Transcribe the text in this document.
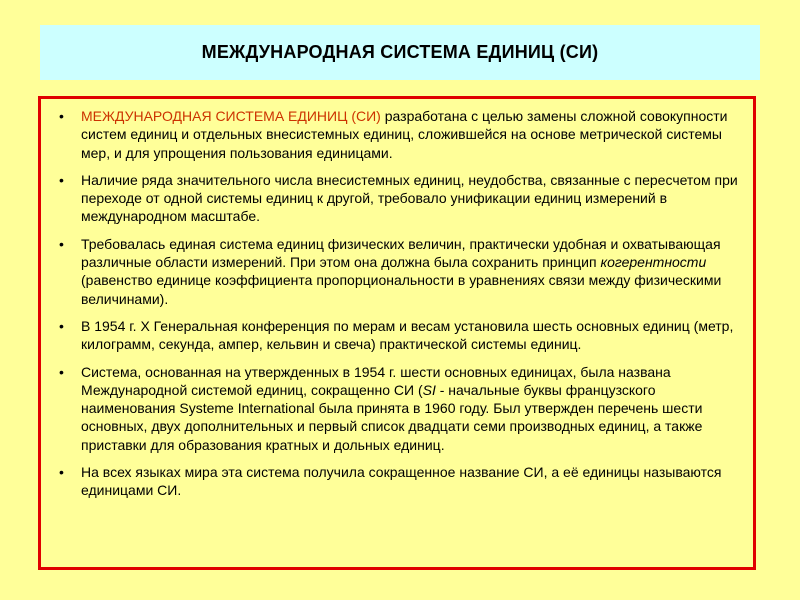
МЕЖДУНАРОДНАЯ СИСТЕМА ЕДИНИЦ (СИ)
• МЕЖДУНАРОДНАЯ СИСТЕМА ЕДИНИЦ (СИ) разработана с целью замены сложной совокупности систем единиц и отдельных внесистемных единиц, сложившейся на основе метрической системы мер, и для упрощения пользования единицами.
• Наличие ряда значительного числа внесистемных единиц, неудобства, связанные с пересчетом при переходе от одной системы единиц к другой, требовало унификации единиц измерений в международном масштабе.
• Требовалась единая система единиц физических величин, практически удобная и охватывающая различные области измерений. При этом она должна была сохранить принцип когерентности (равенство единице коэффициента пропорциональности в уравнениях связи между физическими величинами).
• В 1954 г. X Генеральная конференция по мерам и весам установила шесть основных единиц (метр, килограмм, секунда, ампер, кельвин и свеча) практической системы единиц.
• Система, основанная на утвержденных в 1954 г. шести основных единицах, была названа Международной системой единиц, сокращенно СИ (SI - начальные буквы французского наименования Systeme International была принята в 1960 году. Был утвержден перечень шести основных, двух дополнительных и первый список двадцати семи производных единиц, а также приставки для образования кратных и дольных единиц.
• На всех языках мира эта система получила сокращенное название СИ, а её единицы называются единицами СИ.
